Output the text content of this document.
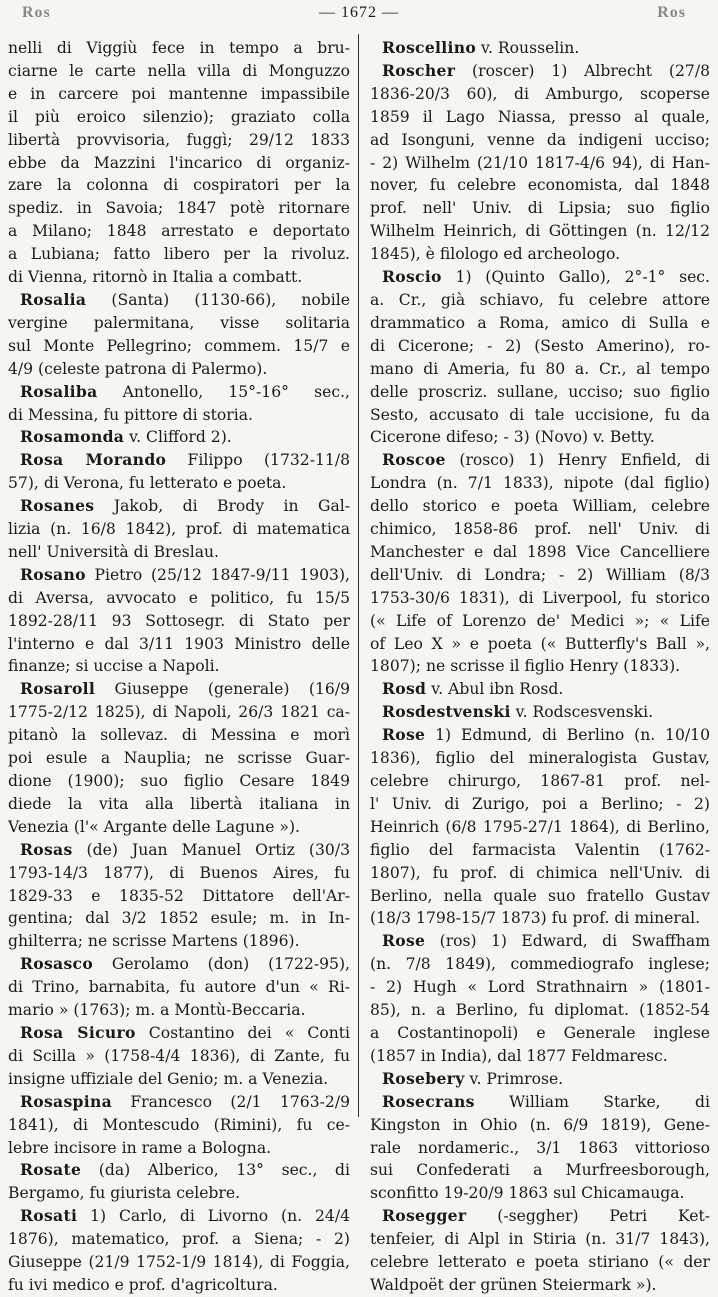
Ros	— 1672 —	Ros
nelli di Viggiù fece in tempo a bru-
ciarne le carte nella villa di Monguzzo
e in carcere poi mantenne impassibile
il più eroico silenzio); graziato colla
libertà provvisoria, fuggì; 29/12 1833
ebbe da Mazzini l'incarico di organiz-
zare la colonna di cospiratori per la
spediz. in Savoia; 1847 potè ritornare
a Milano; 1848 arrestato e deportato
a Lubiana; fatto libero per la rivoluz.
di Vienna, ritornò in Italia a combatt.
Rosalia (Santa) (1130-66), nobile
vergine palermitana, visse solitaria
sul Monte Pellegrino; commem. 15/7 e
4/9 (celeste patrona di Palermo).
Rosaliba Antonello, 15°-16° sec.,
di Messina, fu pittore di storia.
Rosamonda v. Clifford 2).
Rosa Morando Filippo (1732-11/8
57), di Verona, fu letterato e poeta.
Rosanes Jakob, di Brody in Gal-
lizia (n. 16/8 1842), prof. di matematica
nell' Università di Breslau.
Rosano Pietro (25/12 1847-9/11 1903),
di Aversa, avvocato e politico, fu 15/5
1892-28/11 93 Sottosegr. di Stato per
l'interno e dal 3/11 1903 Ministro delle
finanze; si uccise a Napoli.
Rosaroll Giuseppe (generale) (16/9
1775-2/12 1825), di Napoli, 26/3 1821 ca-
pitanò la sollevaz. di Messina e morì
poi esule a Nauplia; ne scrisse Guar-
dione (1900); suo figlio Cesare 1849
diede la vita alla libertà italiana in
Venezia (l'« Argante delle Lagune »).
Rosas (de) Juan Manuel Ortiz (30/3
1793-14/3 1877), di Buenos Aires, fu
1829-33 e 1835-52 Dittatore dell'Ar-
gentina; dal 3/2 1852 esule; m. in In-
ghilterra; ne scrisse Martens (1896).
Rosasco Gerolamo (don) (1722-95),
di Trino, barnabita, fu autore d'un « Ri-
mario » (1763); m. a Montù-Beccaria.
Rosa Sicuro Costantino dei « Conti
di Scilla » (1758-4/4 1836), di Zante, fu
insigne uffiziale del Genio; m. a Venezia.
Rosaspina Francesco (2/1 1763-2/9
1841), di Montescudo (Rimini), fu ce-
lebre incisore in rame a Bologna.
Rosate (da) Alberico, 13° sec., di
Bergamo, fu giurista celebre.
Rosati 1) Carlo, di Livorno (n. 24/4
1876), matematico, prof. a Siena; - 2)
Giuseppe (21/9 1752-1/9 1814), di Foggia,
fu ivi medico e prof. d'agricoltura.
Roscellino v. Rousselin.
Roscher (roscer) 1) Albrecht (27/8
1836-20/3 60), di Amburgo, scoperse
1859 il Lago Niassa, presso al quale,
ad Isonguni, venne da indigeni ucciso;
- 2) Wilhelm (21/10 1817-4/6 94), di Han-
nover, fu celebre economista, dal 1848
prof. nell' Univ. di Lipsia; suo figlio
Wilhelm Heinrich, di Göttingen (n. 12/12
1845), è filologo ed archeologo.
Roscio 1) (Quinto Gallo), 2°-1° sec.
a. Cr., già schiavo, fu celebre attore
drammatico a Roma, amico di Sulla e
di Cicerone; - 2) (Sesto Amerino), ro-
mano di Ameria, fu 80 a. Cr., al tempo
delle proscriz. sullane, ucciso; suo figlio
Sesto, accusato di tale uccisione, fu da
Cicerone difeso; - 3) (Novo) v. Betty.
Roscoe (rosco) 1) Henry Enfield, di
Londra (n. 7/1 1833), nipote (dal figlio)
dello storico e poeta William, celebre
chimico, 1858-86 prof. nell' Univ. di
Manchester e dal 1898 Vice Cancelliere
dell'Univ. di Londra; - 2) William (8/3
1753-30/6 1831), di Liverpool, fu storico
(« Life of Lorenzo de' Medici »; « Life
of Leo X » e poeta (« Butterfly's Ball »,
1807); ne scrisse il figlio Henry (1833).
Rosd v. Abul ibn Rosd.
Rosdestvenski v. Rodscesvenski.
Rose 1) Edmund, di Berlino (n. 10/10
1836), figlio del mineralogista Gustav,
celebre chirurgo, 1867-81 prof. nel-
l' Univ. di Zurigo, poi a Berlino; - 2)
Heinrich (6/8 1795-27/1 1864), di Berlino,
figlio del farmacista Valentin (1762-
1807), fu prof. di chimica nell'Univ. di
Berlino, nella quale suo fratello Gustav
(18/3 1798-15/7 1873) fu prof. di mineral.
Rose (ros) 1) Edward, di Swaffham
(n. 7/8 1849), commediografo inglese;
- 2) Hugh « Lord Strathnairn » (1801-
85), n. a Berlino, fu diplomat. (1852-54
a Costantinopoli) e Generale inglese
(1857 in India), dal 1877 Feldmaresc.
Rosebery v. Primrose.
Rosecrans William Starke, di
Kingston in Ohio (n. 6/9 1819), Gene-
rale nordameric., 3/1 1863 vittorioso
sui Confederati a Murfreesborough,
sconfitto 19-20/9 1863 sul Chicamauga.
Rosegger (-seggher) Petri Ket-
tenfeier, di Alpl in Stiria (n. 31/7 1843),
celebre letterato e poeta stiriano (« der
Waldpoët der grünen Steiermark »).
